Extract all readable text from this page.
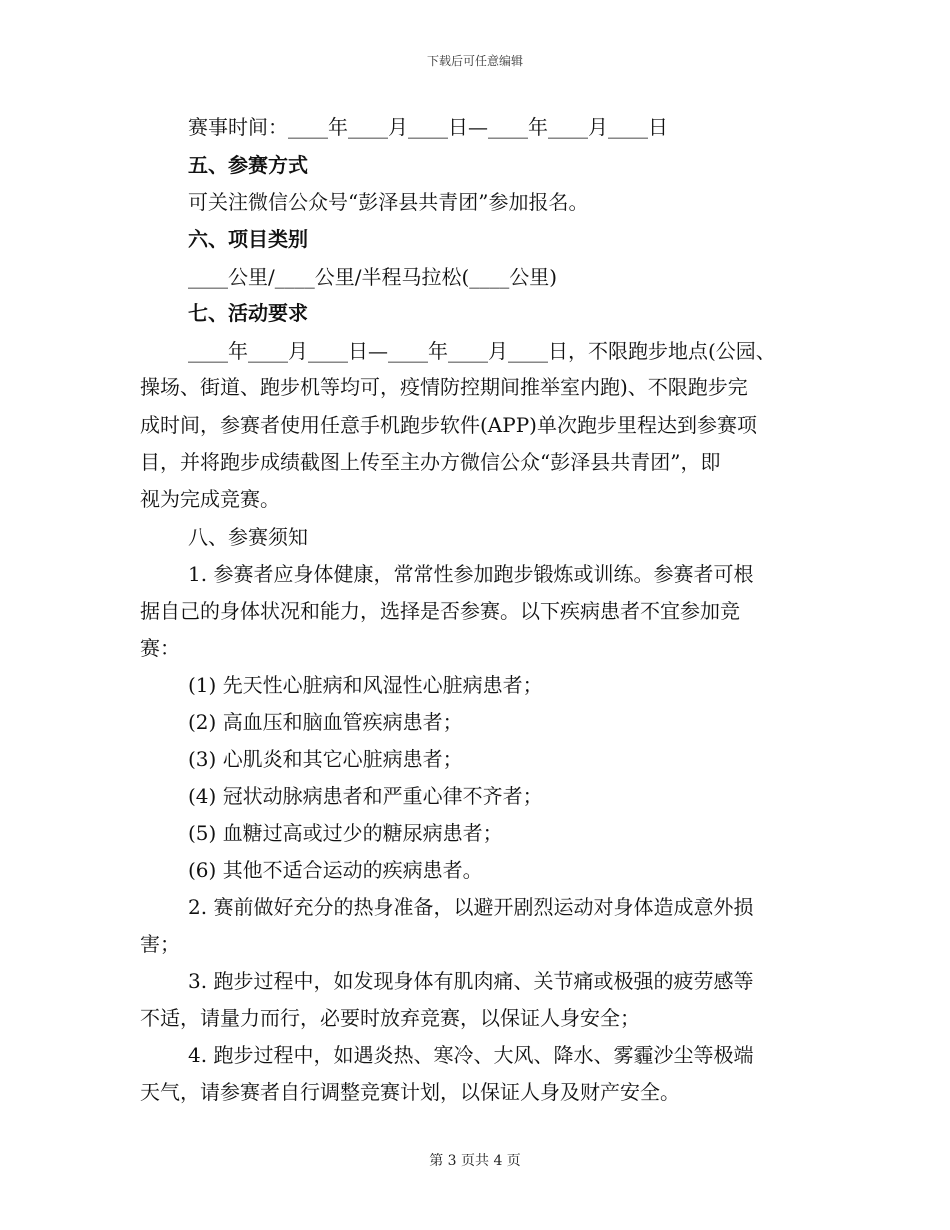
下载后可任意编辑
赛事时间：____年____月____日—____年____月____日
五、参赛方式
可关注微信公众号“彭泽县共青团”参加报名。
六、项目类别
____公里/____公里/半程马拉松(____公里)
七、活动要求
____年____月____日—____年____月____日，不限跑步地点(公园、
操场、街道、跑步机等均可，疫情防控期间推举室内跑)、不限跑步完
成时间，参赛者使用任意手机跑步软件(APP)单次跑步里程达到参赛项
目，并将跑步成绩截图上传至主办方微信公众“彭泽县共青团”，即
视为完成竞赛。
八、参赛须知
1. 参赛者应身体健康，常常性参加跑步锻炼或训练。参赛者可根
据自己的身体状况和能力，选择是否参赛。以下疾病患者不宜参加竞
赛：
(1) 先天性心脏病和风湿性心脏病患者；
(2) 高血压和脑血管疾病患者；
(3) 心肌炎和其它心脏病患者；
(4) 冠状动脉病患者和严重心律不齐者；
(5) 血糖过高或过少的糖尿病患者；
(6) 其他不适合运动的疾病患者。
2. 赛前做好充分的热身准备，以避开剧烈运动对身体造成意外损
害；
3. 跑步过程中，如发现身体有肌肉痛、关节痛或极强的疲劳感等
不适，请量力而行，必要时放弃竞赛，以保证人身安全；
4. 跑步过程中，如遇炎热、寒冷、大风、降水、雾霾沙尘等极端
天气，请参赛者自行调整竞赛计划，以保证人身及财产安全。
第 3 页共 4 页
